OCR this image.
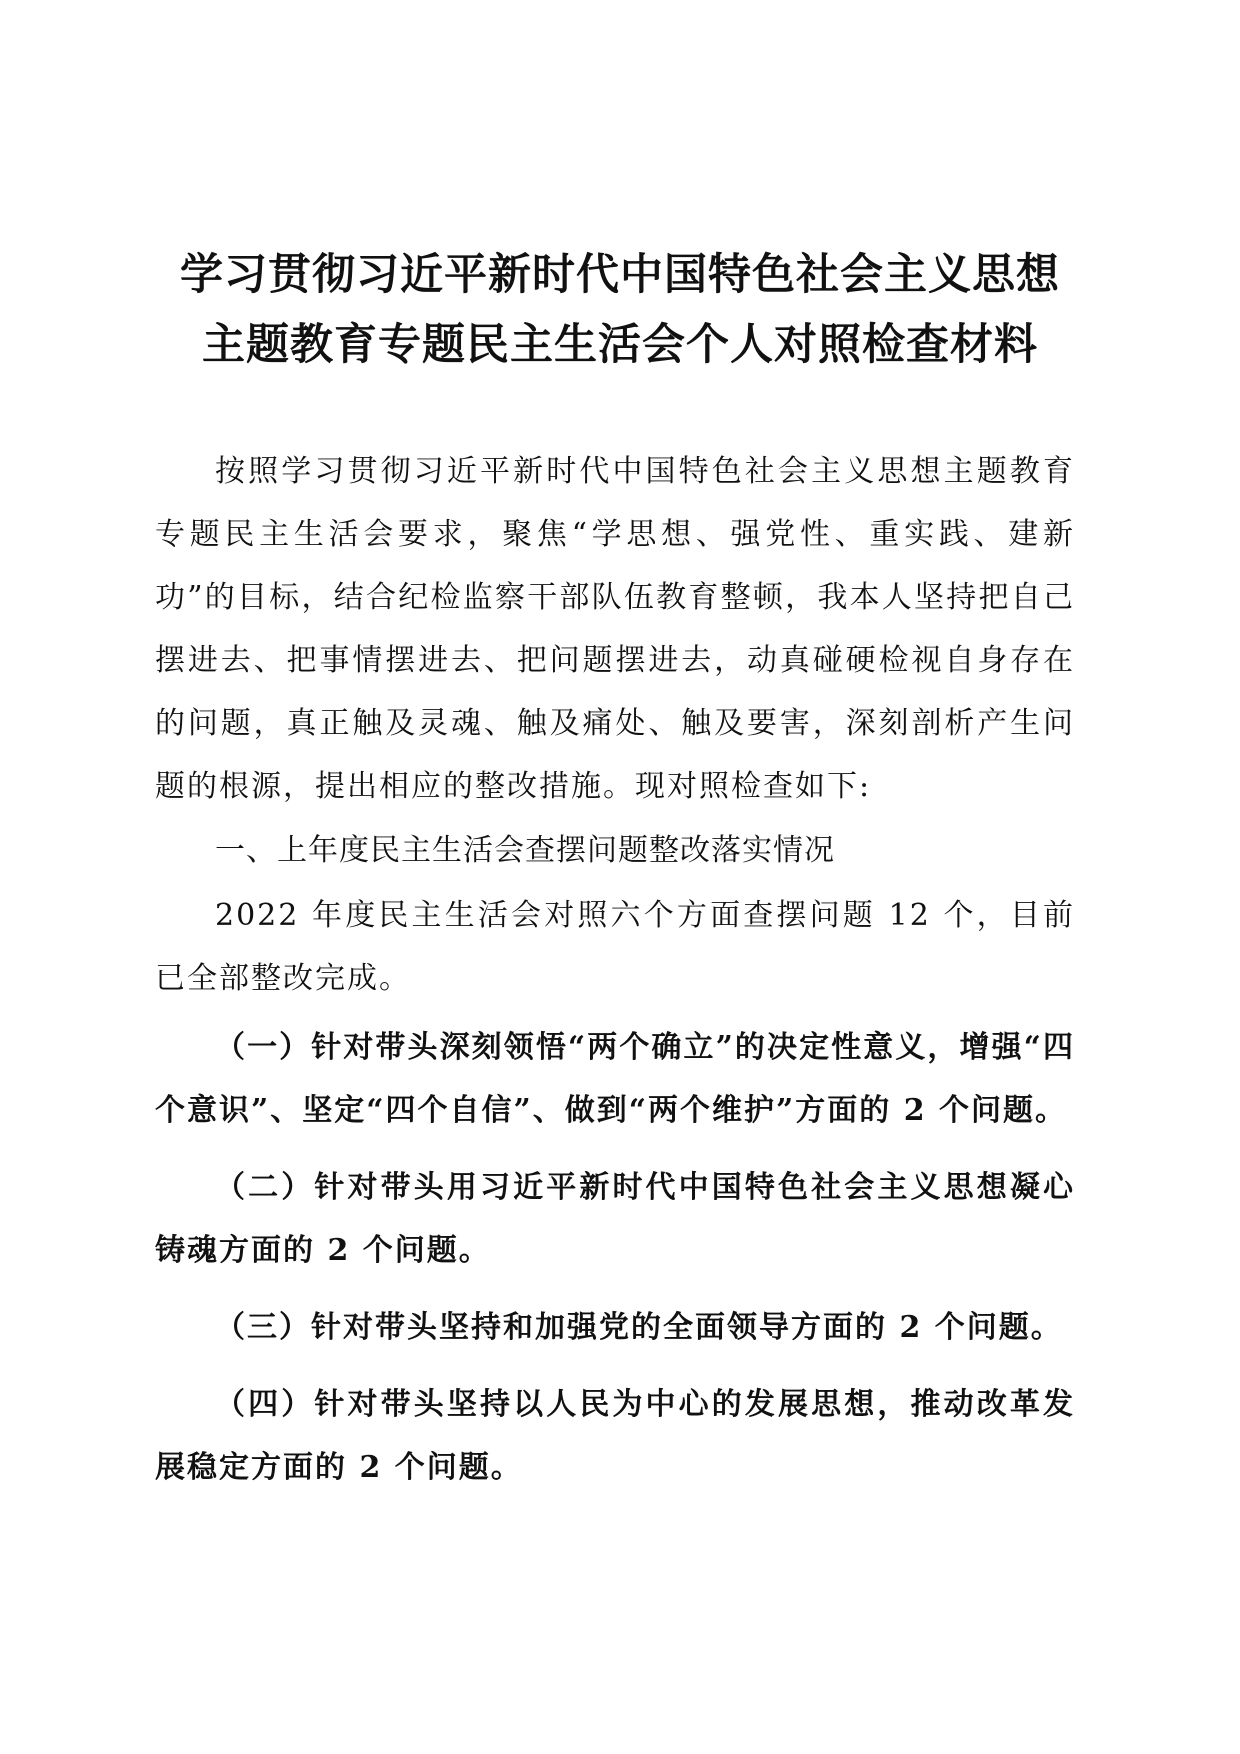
学习贯彻习近平新时代中国特色社会主义思想
主题教育专题民主生活会个人对照检查材料

按照学习贯彻习近平新时代中国特色社会主义思想主题教育专题民主生活会要求，聚焦“学思想、强党性、重实践、建新功”的目标，结合纪检监察干部队伍教育整顿，我本人坚持把自己摆进去、把事情摆进去、把问题摆进去，动真碰硬检视自身存在的问题，真正触及灵魂、触及痛处、触及要害，深刻剖析产生问题的根源，提出相应的整改措施。现对照检查如下:

一、上年度民主生活会查摆问题整改落实情况

2022 年度民主生活会对照六个方面查摆问题 12 个，目前已全部整改完成。

（一）针对带头深刻领悟“两个确立”的决定性意义，增强“四个意识”、坚定“四个自信”、做到“两个维护”方面的 2 个问题。

（二）针对带头用习近平新时代中国特色社会主义思想凝心铸魂方面的 2 个问题。

（三）针对带头坚持和加强党的全面领导方面的 2 个问题。

（四）针对带头坚持以人民为中心的发展思想，推动改革发展稳定方面的 2 个问题。
